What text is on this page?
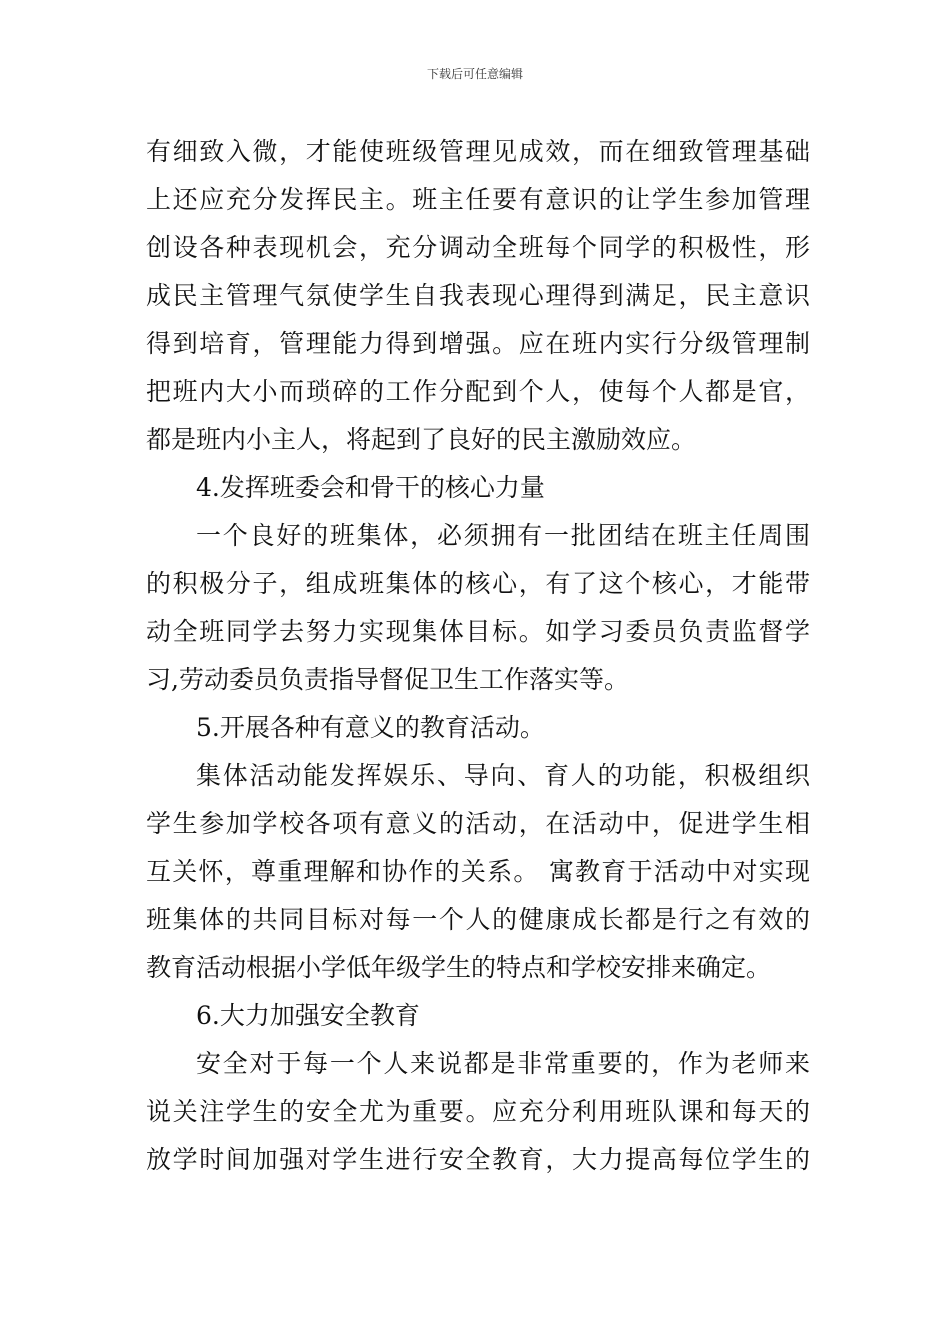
下载后可任意编辑
有细致入微，才能使班级管理见成效，而在细致管理基础
上还应充分发挥民主。班主任要有意识的让学生参加管理
创设各种表现机会，充分调动全班每个同学的积极性，形
成民主管理气氛使学生自我表现心理得到满足，民主意识
得到培育，管理能力得到增强。应在班内实行分级管理制
把班内大小而琐碎的工作分配到个人，使每个人都是官，
都是班内小主人，将起到了良好的民主激励效应。
4.发挥班委会和骨干的核心力量
一个良好的班集体，必须拥有一批团结在班主任周围
的积极分子，组成班集体的核心，有了这个核心，才能带
动全班同学去努力实现集体目标。如学习委员负责监督学
习,劳动委员负责指导督促卫生工作落实等。
5.开展各种有意义的教育活动。
集体活动能发挥娱乐、导向、育人的功能，积极组织
学生参加学校各项有意义的活动，在活动中，促进学生相
互关怀，尊重理解和协作的关系。 寓教育于活动中对实现
班集体的共同目标对每一个人的健康成长都是行之有效的
教育活动根据小学低年级学生的特点和学校安排来确定。
6.大力加强安全教育
安全对于每一个人来说都是非常重要的，作为老师来
说关注学生的安全尤为重要。应充分利用班队课和每天的
放学时间加强对学生进行安全教育，大力提高每位学生的
